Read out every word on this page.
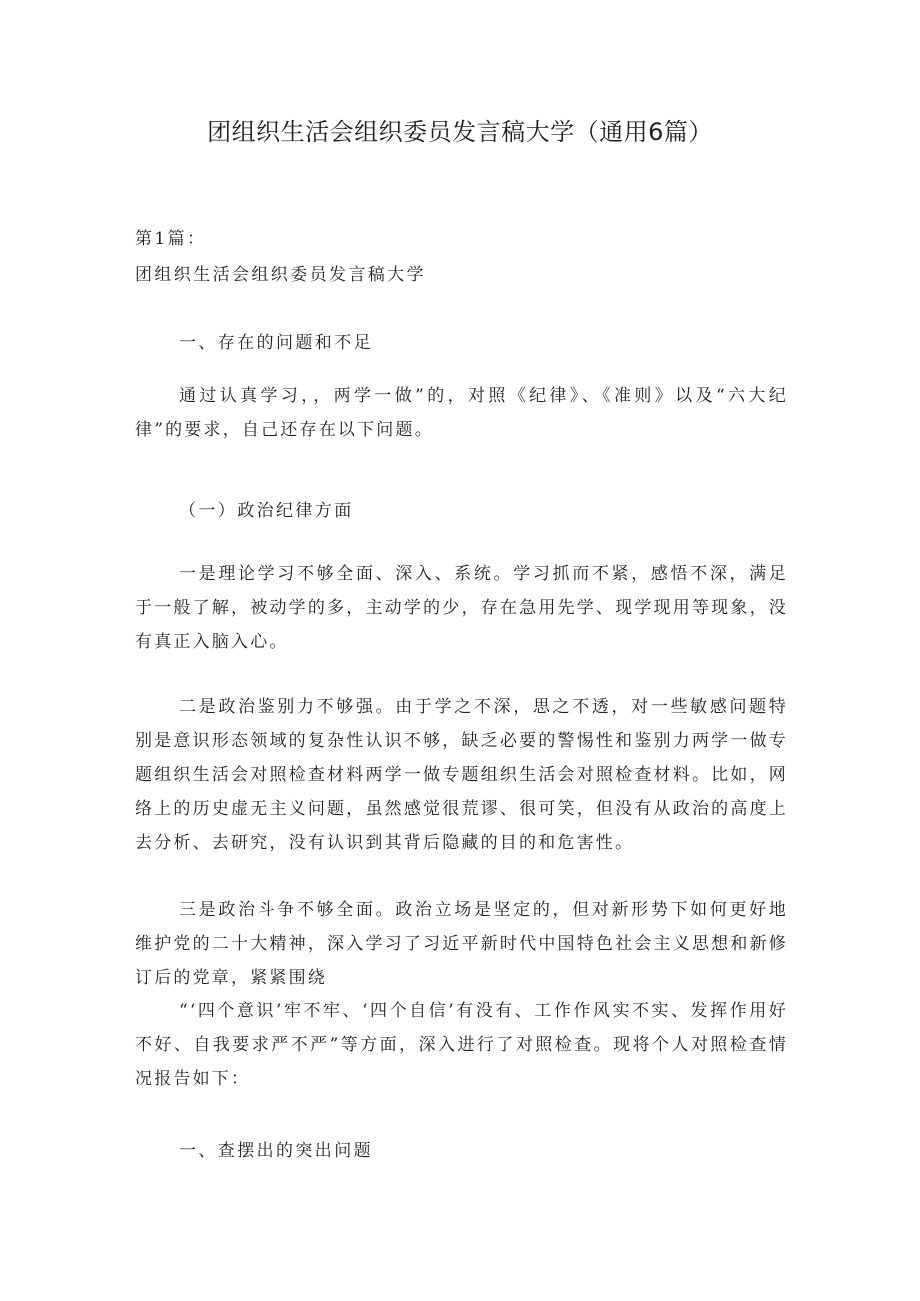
团组织生活会组织委员发言稿大学（通用6篇）
第1篇：
团组织生活会组织委员发言稿大学
一、存在的问题和不足
通过认真学习，，两学一做”的，对照《纪律》、《准则》以及“六大纪律”的要求，自己还存在以下问题。
（一）政治纪律方面
一是理论学习不够全面、深入、系统。学习抓而不紧，感悟不深，满足于一般了解，被动学的多，主动学的少，存在急用先学、现学现用等现象，没有真正入脑入心。
二是政治鉴别力不够强。由于学之不深，思之不透，对一些敏感问题特别是意识形态领域的复杂性认识不够，缺乏必要的警惕性和鉴别力两学一做专题组织生活会对照检查材料两学一做专题组织生活会对照检查材料。比如，网络上的历史虚无主义问题，虽然感觉很荒谬、很可笑，但没有从政治的高度上去分析、去研究，没有认识到其背后隐藏的目的和危害性。
三是政治斗争不够全面。政治立场是坚定的，但对新形势下如何更好地维护党的二十大精神，深入学习了习近平新时代中国特色社会主义思想和新修订后的党章，紧紧围绕
“‘四个意识’牢不牢、‘四个自信’有没有、工作作风实不实、发挥作用好不好、自我要求严不严”等方面，深入进行了对照检查。现将个人对照检查情况报告如下：
一、查摆出的突出问题
